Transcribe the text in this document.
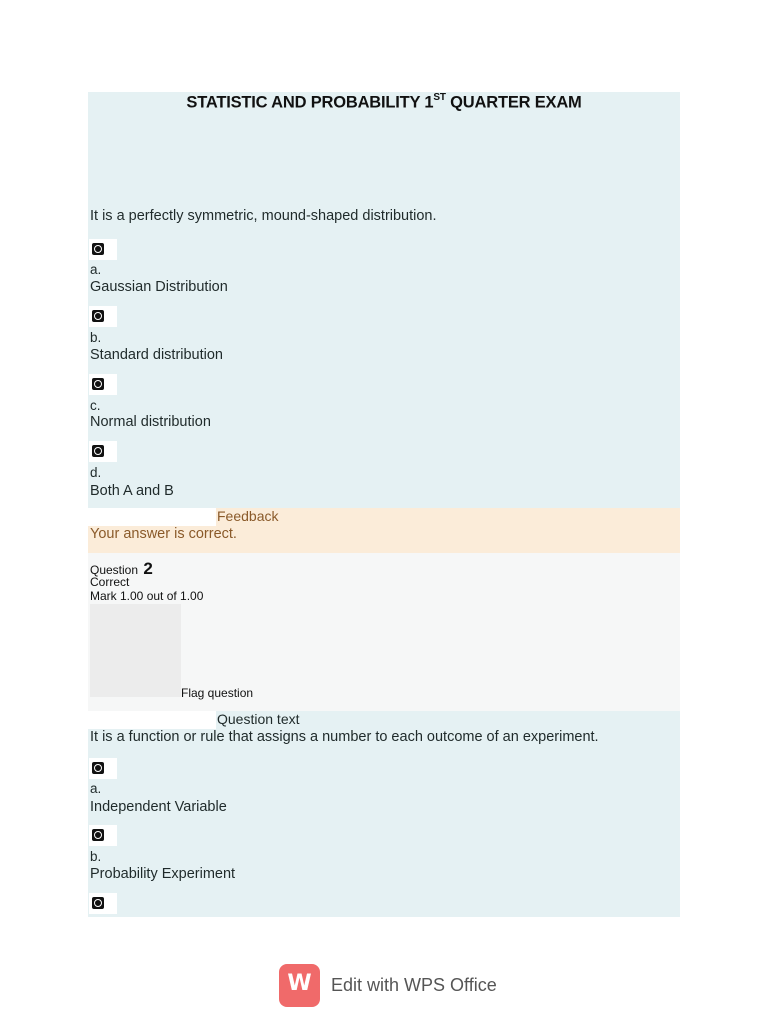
STATISTIC AND PROBABILITY 1ST QUARTER EXAM
It is a perfectly symmetric, mound-shaped distribution.
a.
Gaussian Distribution
b.
Standard distribution
c.
Normal distribution
d.
Both A and B
Feedback
Your answer is correct.
Question 2
Correct
Mark 1.00 out of 1.00
Flag question
Question text
It is a function or rule that assigns a number to each outcome of an experiment.
a.
Independent Variable
b.
Probability Experiment
W	Edit with WPS Office
